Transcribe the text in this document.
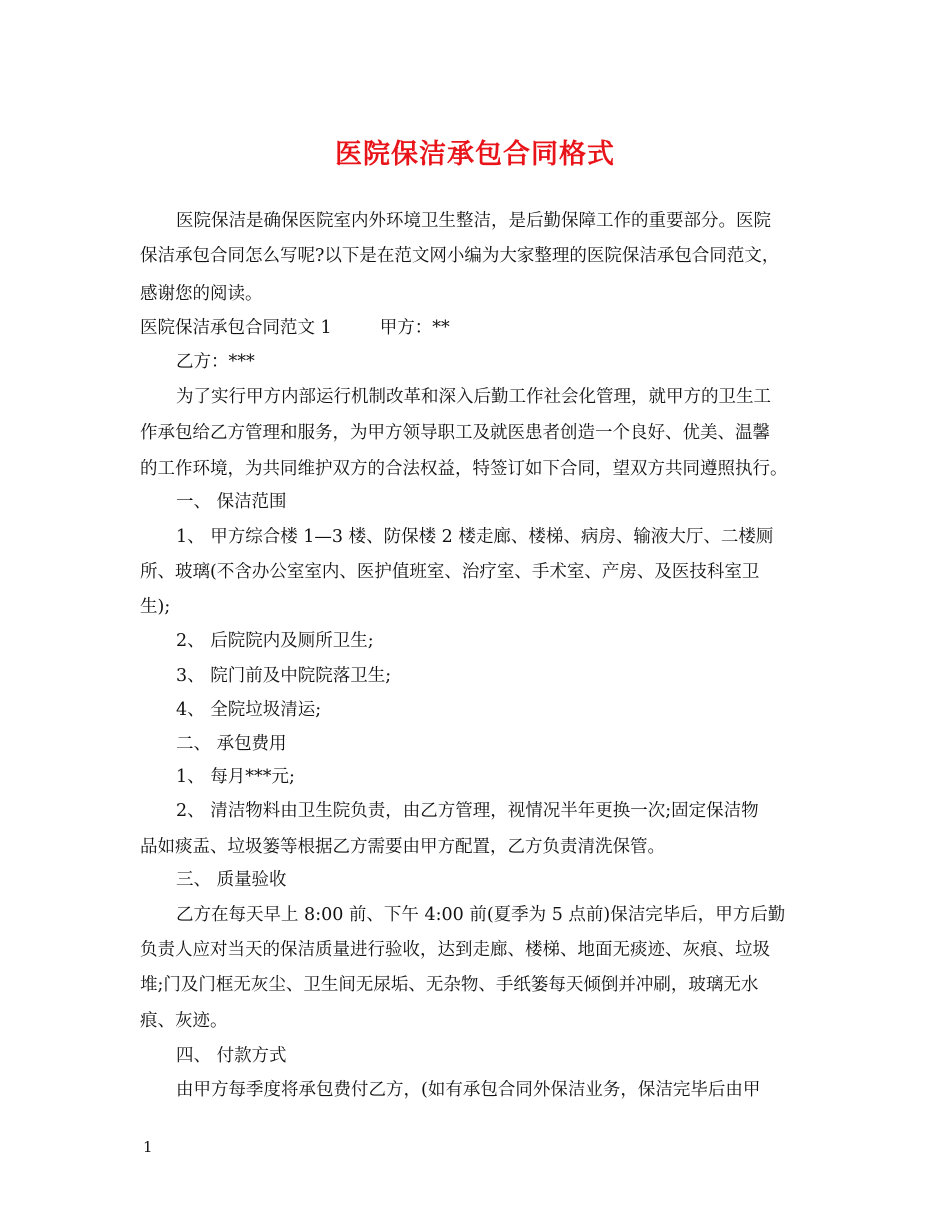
医院保洁承包合同格式
医院保洁是确保医院室内外环境卫生整洁，是后勤保障工作的重要部分。医院
保洁承包合同怎么写呢?以下是在范文网小编为大家整理的医院保洁承包合同范文，
感谢您的阅读。
医院保洁承包合同范文 1	甲方：**
乙方：***
为了实行甲方内部运行机制改革和深入后勤工作社会化管理，就甲方的卫生工
作承包给乙方管理和服务，为甲方领导职工及就医患者创造一个良好、优美、温馨
的工作环境，为共同维护双方的合法权益，特签订如下合同，望双方共同遵照执行。
一、 保洁范围
1、 甲方综合楼 1—3 楼、防保楼 2 楼走廊、楼梯、病房、输液大厅、二楼厕
所、玻璃(不含办公室室内、医护值班室、治疗室、手术室、产房、及医技科室卫
生);
2、 后院院内及厕所卫生;
3、 院门前及中院院落卫生;
4、 全院垃圾清运;
二、 承包费用
1、 每月***元;
2、 清洁物料由卫生院负责，由乙方管理，视情况半年更换一次;固定保洁物
品如痰盂、垃圾篓等根据乙方需要由甲方配置，乙方负责清洗保管。
三、 质量验收
乙方在每天早上 8:00 前、下午 4:00 前(夏季为 5 点前)保洁完毕后，甲方后勤
负责人应对当天的保洁质量进行验收，达到走廊、楼梯、地面无痰迹、灰痕、垃圾
堆;门及门框无灰尘、卫生间无尿垢、无杂物、手纸篓每天倾倒并冲刷，玻璃无水
痕、灰迹。
四、 付款方式
由甲方每季度将承包费付乙方，(如有承包合同外保洁业务，保洁完毕后由甲
1
